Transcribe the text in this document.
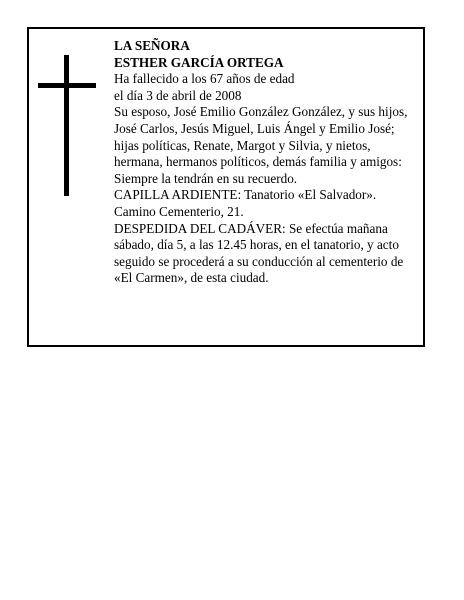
LA SEÑORA
ESTHER GARCÍA ORTEGA
Ha fallecido a los 67 años de edad
el día 3 de abril de 2008
Su esposo, José Emilio González González, y sus hijos,
José Carlos, Jesús Miguel, Luis Ángel y Emilio José;
hijas políticas, Renate, Margot y Silvia, y nietos,
hermana, hermanos políticos, demás familia y amigos:
Siempre la tendrán en su recuerdo.
CAPILLA ARDIENTE: Tanatorio «El Salvador».
Camino Cementerio, 21.
DESPEDIDA DEL CADÁVER: Se efectúa mañana
sábado, día 5, a las 12.45 horas, en el tanatorio, y acto
seguido se procederá a su conducción al cementerio de
«El Carmen», de esta ciudad.
